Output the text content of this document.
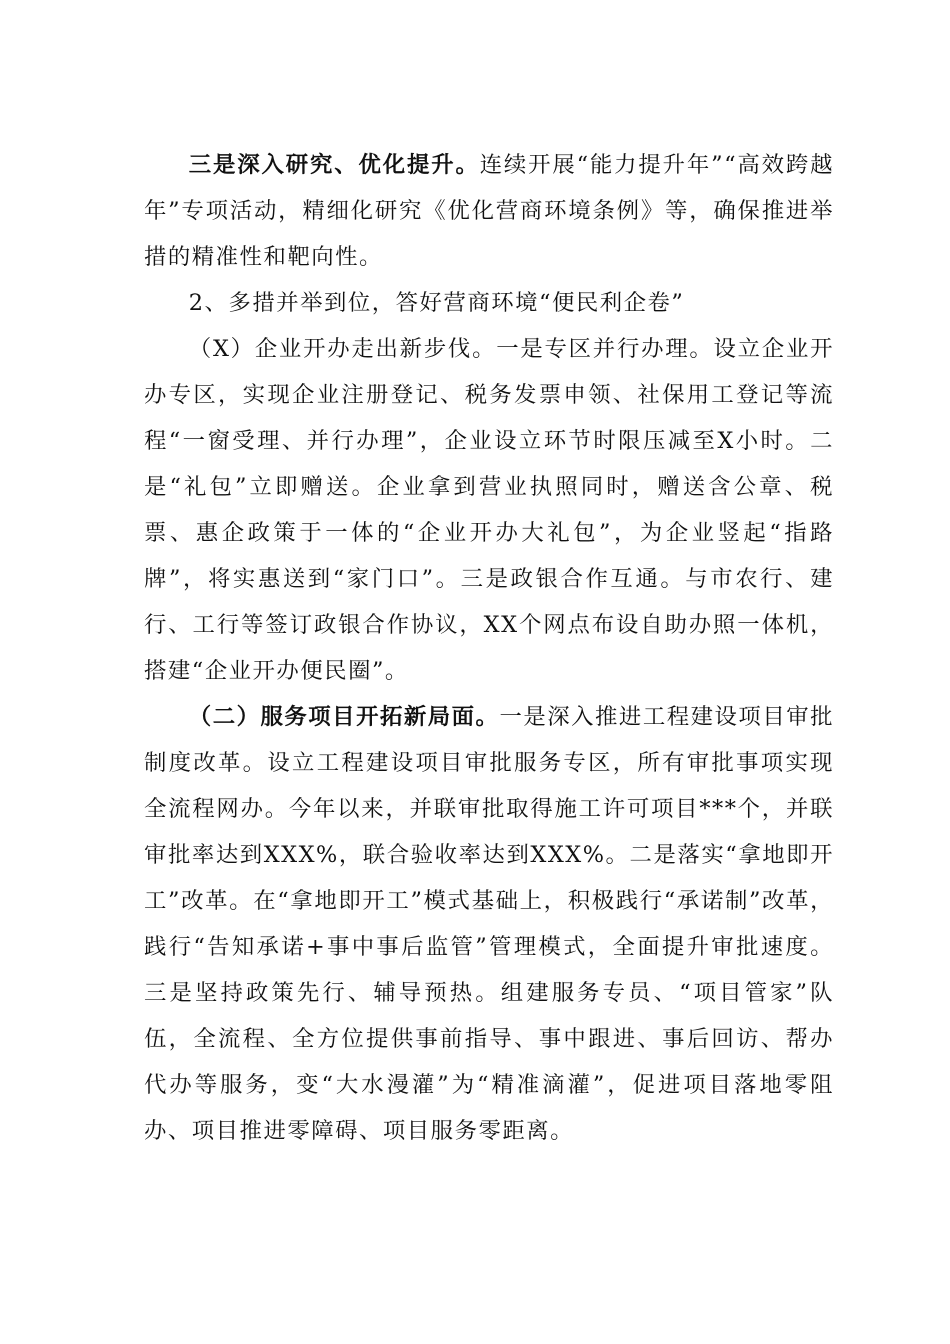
三是深入研究、优化提升。连续开展“能力提升年”“高效跨越年”专项活动，精细化研究《优化营商环境条例》等，确保推进举措的精准性和靶向性。

2、多措并举到位，答好营商环境“便民利企卷”

（X）企业开办走出新步伐。一是专区并行办理。设立企业开办专区，实现企业注册登记、税务发票申领、社保用工登记等流程“一窗受理、并行办理”，企业设立环节时限压减至X小时。二是“礼包”立即赠送。企业拿到营业执照同时，赠送含公章、税票、惠企政策于一体的“企业开办大礼包”，为企业竖起“指路牌”，将实惠送到“家门口”。三是政银合作互通。与市农行、建行、工行等签订政银合作协议，XX个网点布设自助办照一体机，搭建“企业开办便民圈”。

（二）服务项目开拓新局面。一是深入推进工程建设项目审批制度改革。设立工程建设项目审批服务专区，所有审批事项实现全流程网办。今年以来，并联审批取得施工许可项目***个，并联审批率达到XXX%，联合验收率达到XXX%。二是落实“拿地即开工”改革。在“拿地即开工”模式基础上，积极践行“承诺制”改革，践行“告知承诺+事中事后监管”管理模式，全面提升审批速度。三是坚持政策先行、辅导预热。组建服务专员、“项目管家”队伍，全流程、全方位提供事前指导、事中跟进、事后回访、帮办代办等服务，变“大水漫灌”为“精准滴灌”，促进项目落地零阻办、项目推进零障碍、项目服务零距离。
